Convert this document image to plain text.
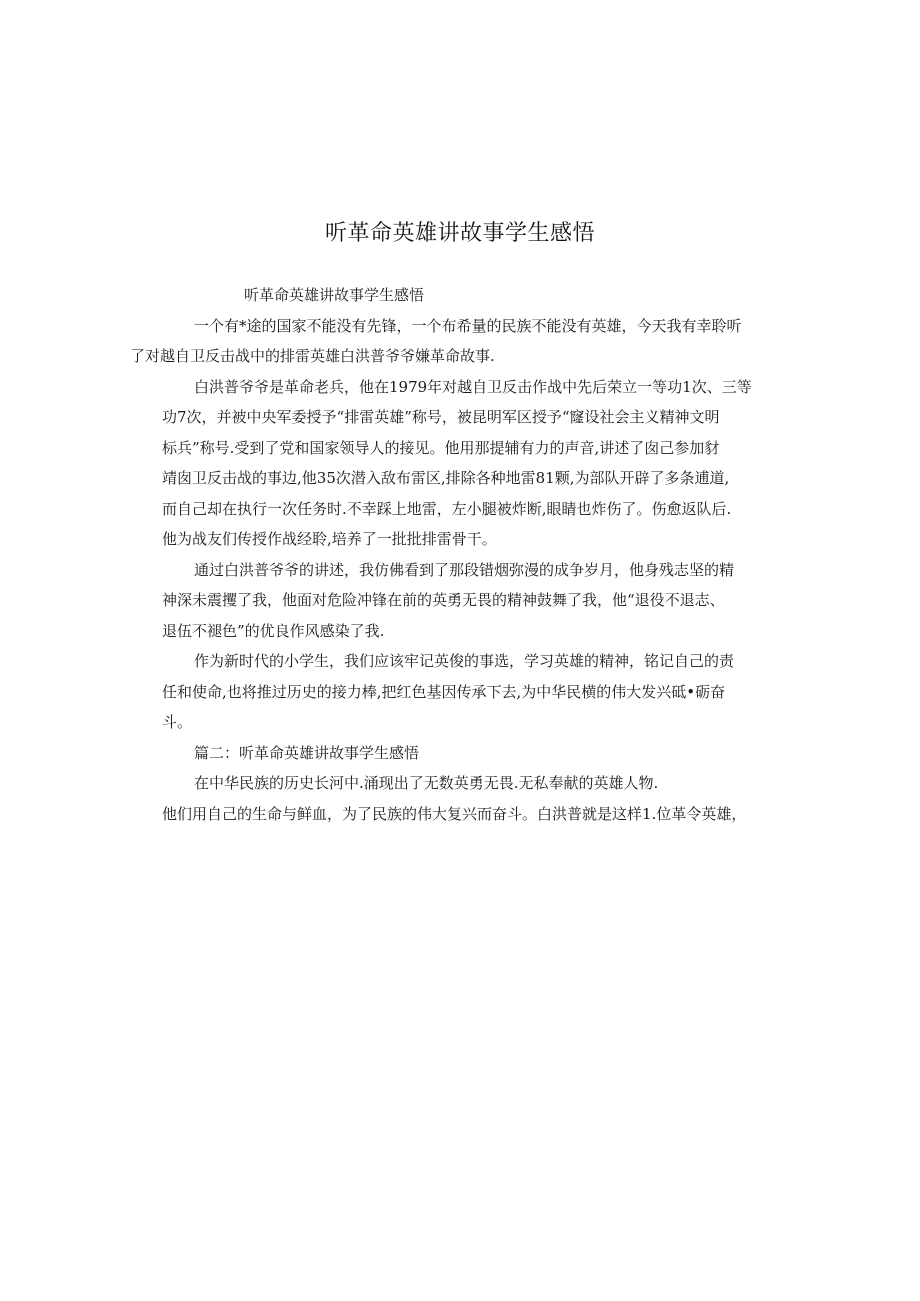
听革命英雄讲故事学生感悟

听革命英雄讲故事学生感悟

一个有*途的国家不能没有先锋，一个布希量的民族不能没有英雄，今天我有幸聆听
了对越自卫反击战中的排雷英雄白洪普爷爷嫌革命故事.

白洪普爷爷是革命老兵，他在1979年对越自卫反击作战中先后荣立一等功1次、三等
功7次，并被中央军委授予“排雷英雄”称号，被昆明军区授予“窿设社会主义精神文明
标兵”称号.受到了党和国家领导人的接见。他用那提辅有力的声音,讲述了囱己参加豺
靖囱卫反击战的事边,他35次潜入敌布雷区,排除各种地雷81颗,为部队开辟了多条逋道,
而自己却在执行一次任务时.不幸踩上地雷，左小腿被炸断,眼睛也炸伤了。伤愈返队后.
他为战友们传授作战经聆,培养了一批批排雷骨干。

通过白洪普爷爷的讲述，我仿佛看到了那段错烟弥漫的成争岁月，他身残志坚的精
神深未震攫了我，他面对危险冲锋在前的英勇无畏的精神鼓舞了我，他“退役不退志、
退伍不褪色”的优良作风感染了我.

作为新时代的小学生，我们应该牢记英俊的事选，学习英雄的精神，铭记自己的责
任和使命,也将推过历史的接力棒,把红色基因传承下去,为中华民横的伟大发兴砥•砺奋
斗。

篇二：听革命英雄讲故事学生感悟

在中华民族的历史长河中.涌现出了无数英勇无畏.无私奉献的英雄人物.

他们用自己的生命与鲜血，为了民族的伟大复兴而奋斗。白洪普就是这样1.位革令英雄，
